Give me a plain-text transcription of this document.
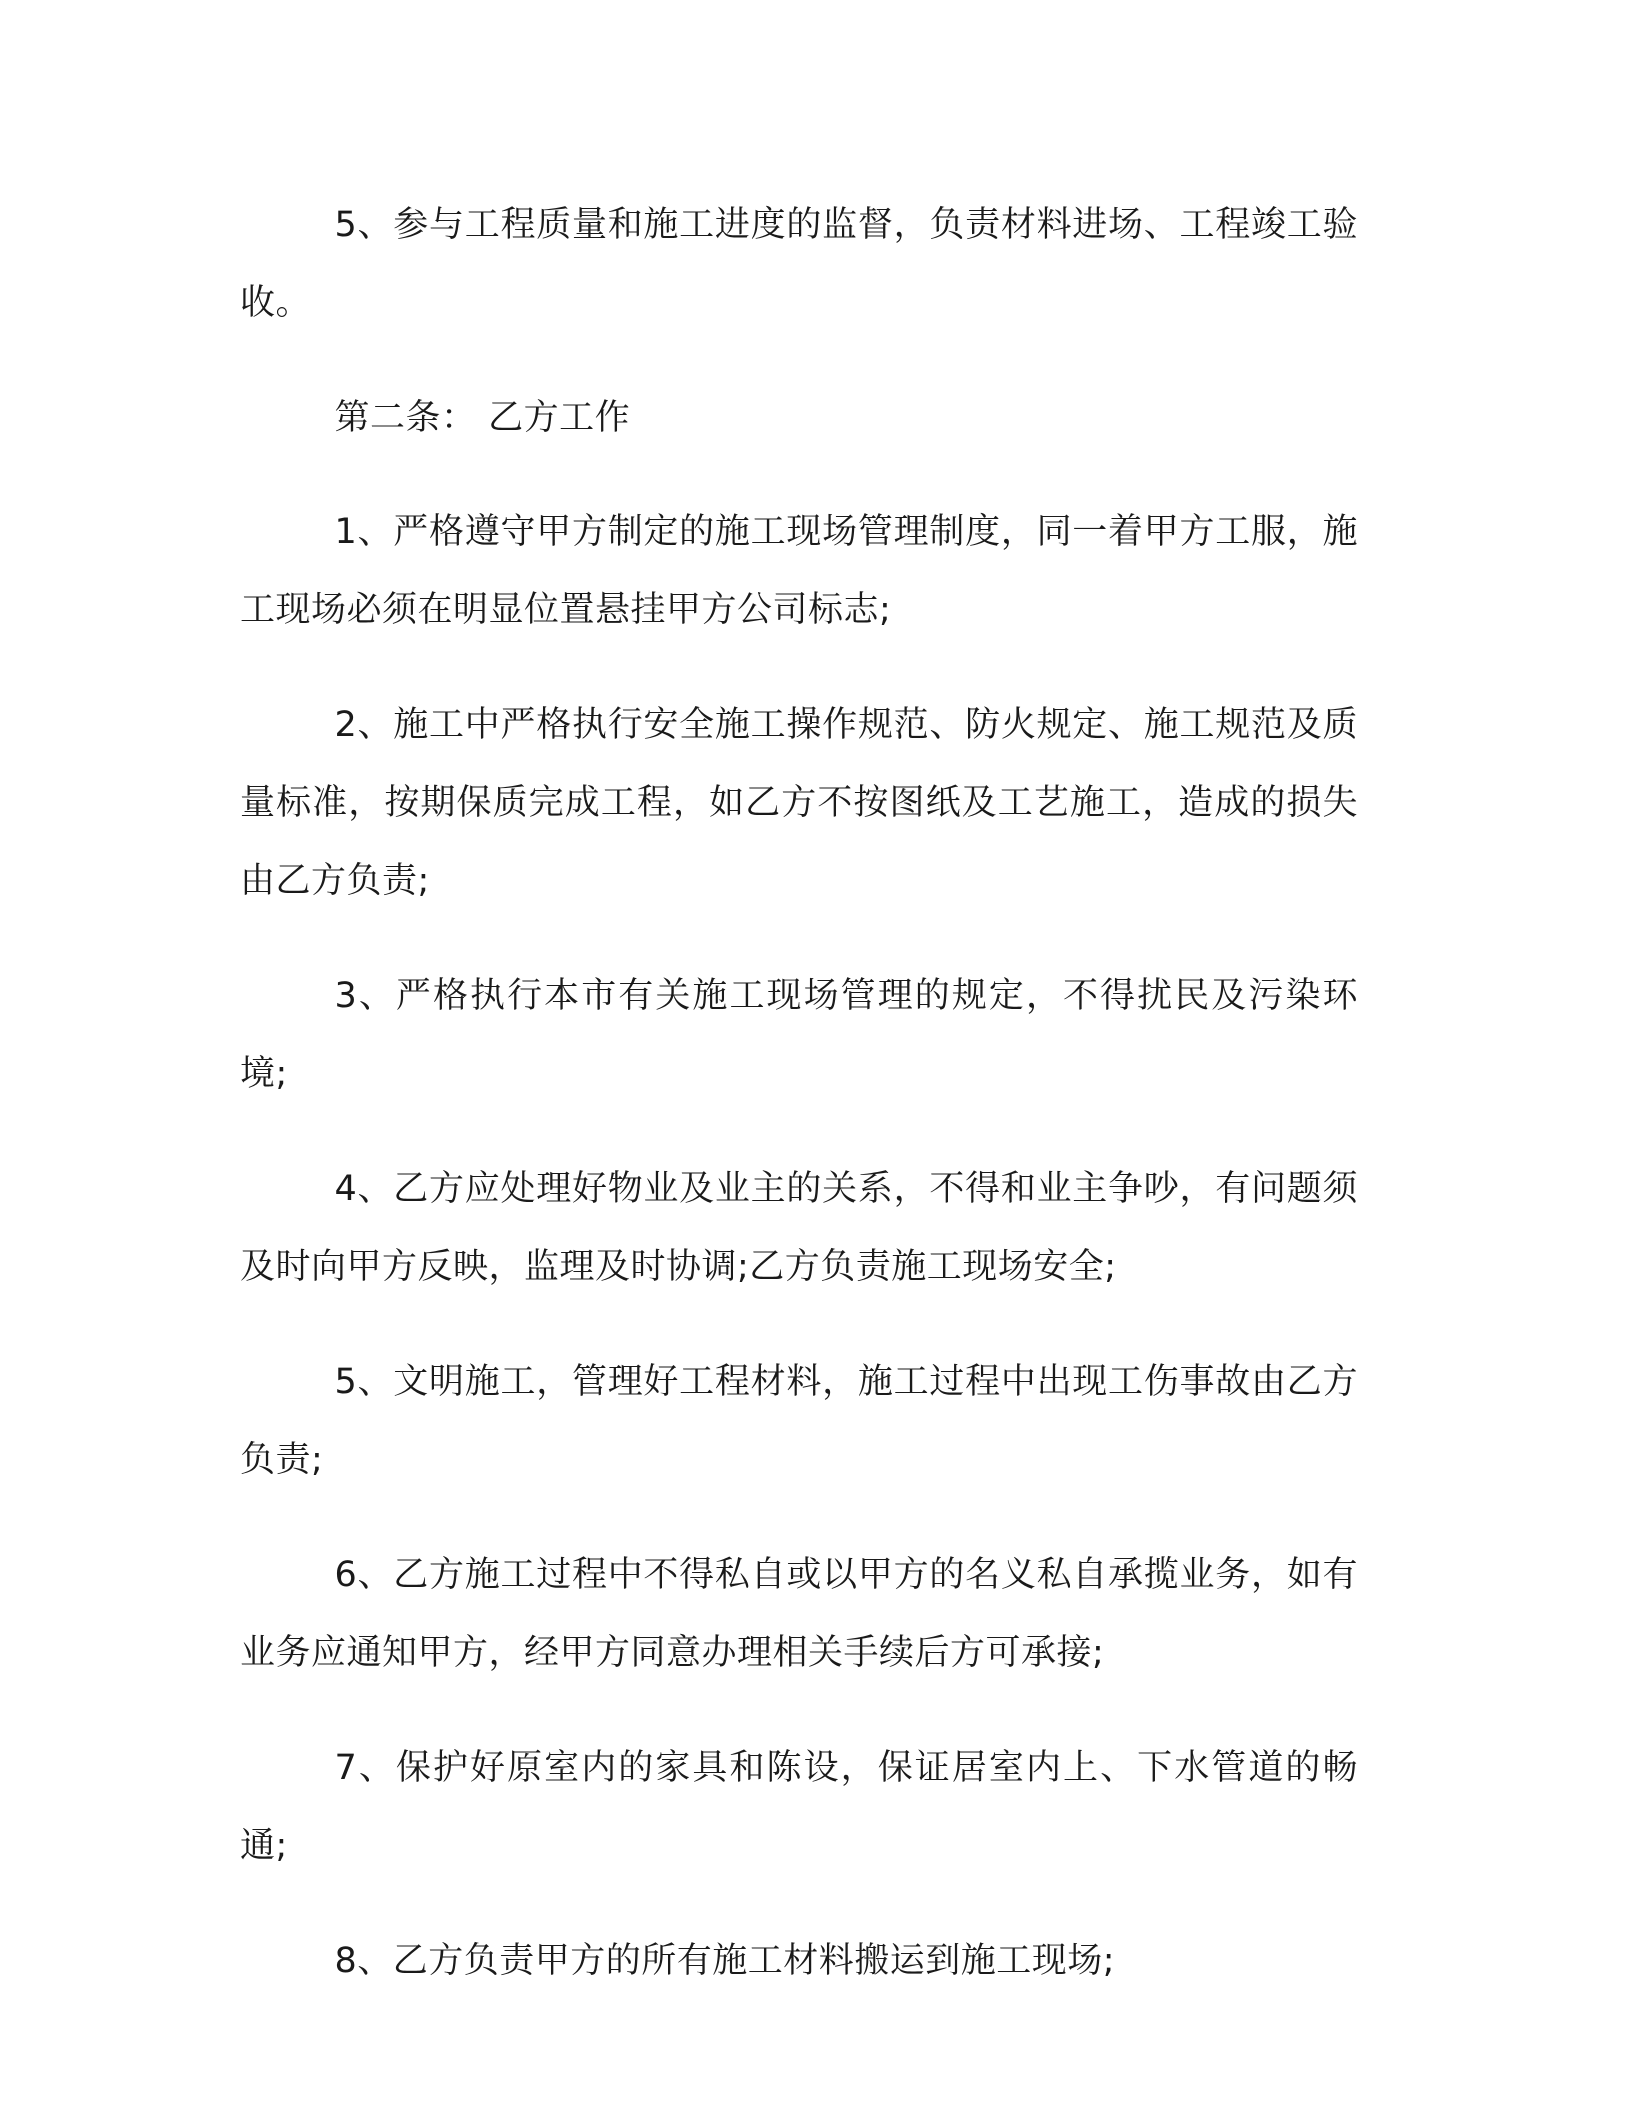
5、参与工程质量和施工进度的监督，负责材料进场、工程竣工验收。

第二条： 乙方工作

1、严格遵守甲方制定的施工现场管理制度，同一着甲方工服，施工现场必须在明显位置悬挂甲方公司标志;

2、施工中严格执行安全施工操作规范、防火规定、施工规范及质量标准，按期保质完成工程，如乙方不按图纸及工艺施工，造成的损失由乙方负责;

3、严格执行本市有关施工现场管理的规定，不得扰民及污染环境;

4、乙方应处理好物业及业主的关系，不得和业主争吵，有问题须及时向甲方反映，监理及时协调;乙方负责施工现场安全;

5、文明施工，管理好工程材料，施工过程中出现工伤事故由乙方负责;

6、乙方施工过程中不得私自或以甲方的名义私自承揽业务，如有业务应通知甲方，经甲方同意办理相关手续后方可承接;

7、保护好原室内的家具和陈设，保证居室内上、下水管道的畅通;

8、乙方负责甲方的所有施工材料搬运到施工现场;
